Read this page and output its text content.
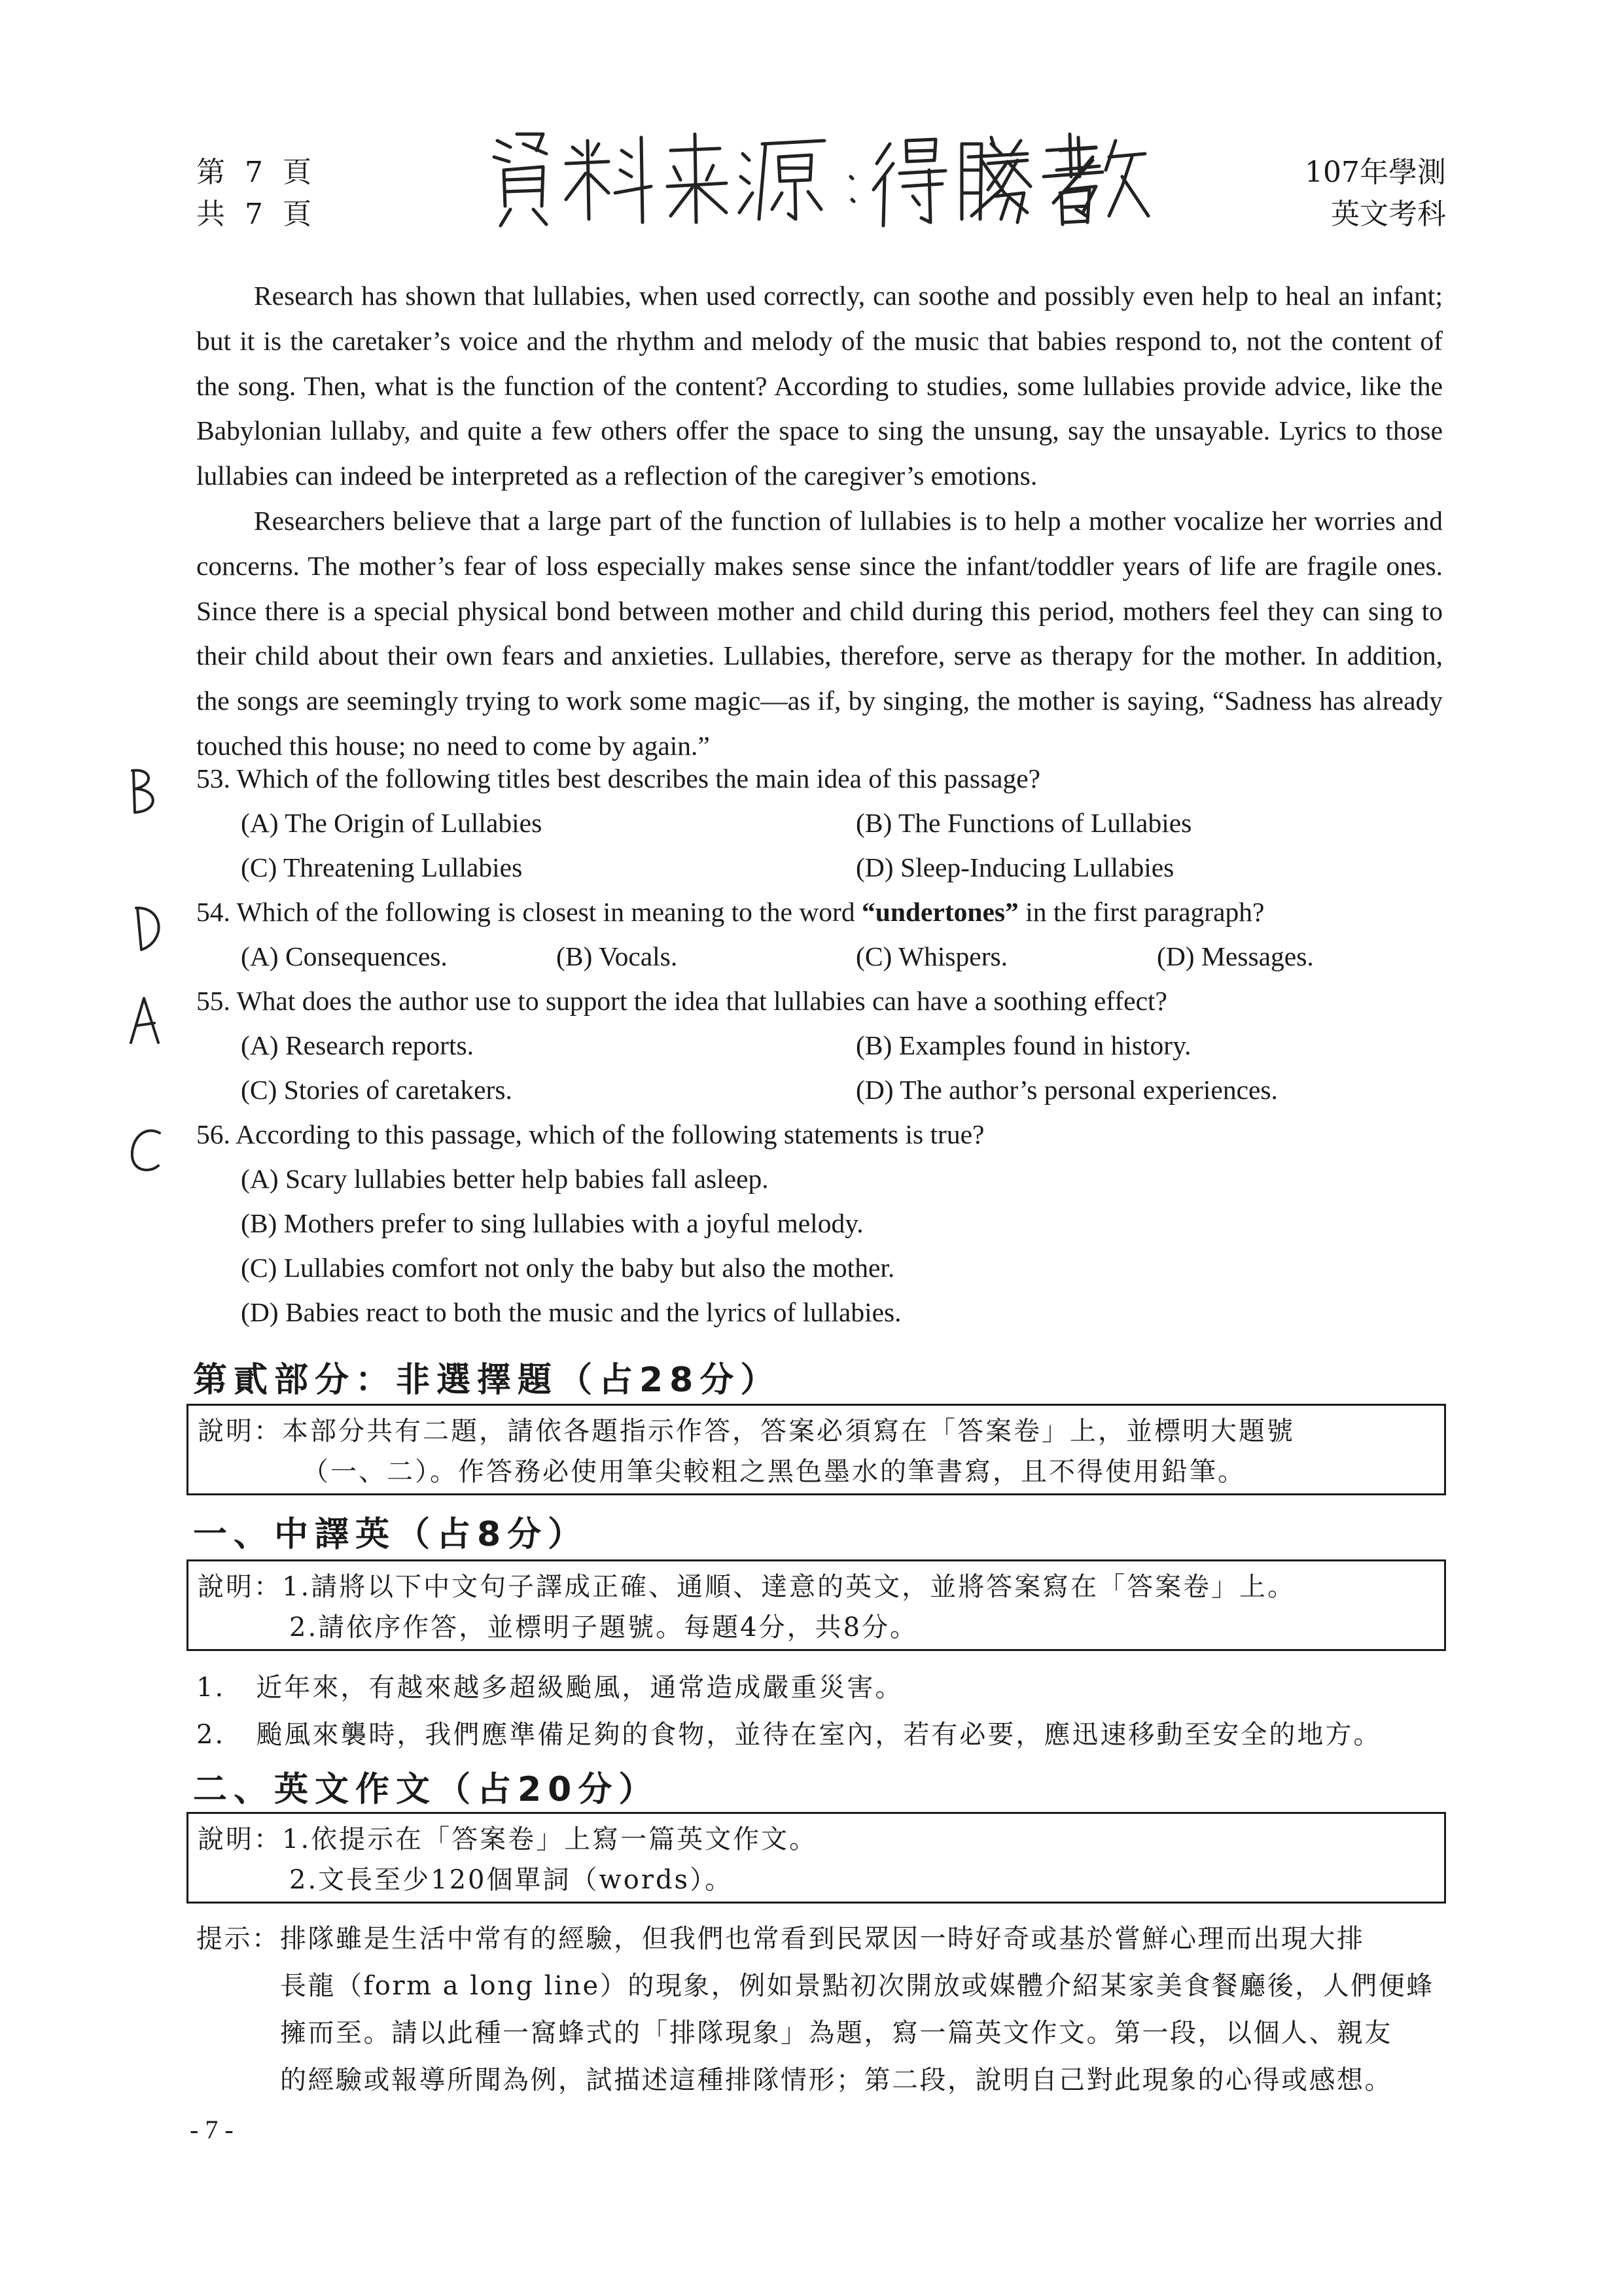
第 7 頁
共 7 頁
107年學測
英文考科
Research has shown that lullabies, when used correctly, can soothe and possibly even help to heal an infant; but it is the caretaker’s voice and the rhythm and melody of the music that babies respond to, not the content of the song. Then, what is the function of the content? According to studies, some lullabies provide advice, like the Babylonian lullaby, and quite a few others offer the space to sing the unsung, say the unsayable. Lyrics to those lullabies can indeed be interpreted as a reflection of the caregiver’s emotions.
Researchers believe that a large part of the function of lullabies is to help a mother vocalize her worries and concerns. The mother’s fear of loss especially makes sense since the infant/toddler years of life are fragile ones. Since there is a special physical bond between mother and child during this period, mothers feel they can sing to their child about their own fears and anxieties. Lullabies, therefore, serve as therapy for the mother. In addition, the songs are seemingly trying to work some magic—as if, by singing, the mother is saying, “Sadness has already touched this house; no need to come by again.”
53. Which of the following titles best describes the main idea of this passage?
(A) The Origin of Lullabies	(B) The Functions of Lullabies
(C) Threatening Lullabies	(D) Sleep-Inducing Lullabies
54. Which of the following is closest in meaning to the word “undertones” in the first paragraph?
(A) Consequences.	(B) Vocals.	(C) Whispers.	(D) Messages.
55. What does the author use to support the idea that lullabies can have a soothing effect?
(A) Research reports.	(B) Examples found in history.
(C) Stories of caretakers.	(D) The author’s personal experiences.
56. According to this passage, which of the following statements is true?
(A) Scary lullabies better help babies fall asleep.
(B) Mothers prefer to sing lullabies with a joyful melody.
(C) Lullabies comfort not only the baby but also the mother.
(D) Babies react to both the music and the lyrics of lullabies.
第貳部分：非選擇題（占28分）
說明：本部分共有二題，請依各題指示作答，答案必須寫在「答案卷」上，並標明大題號
（一、二）。作答務必使用筆尖較粗之黑色墨水的筆書寫，且不得使用鉛筆。
一、中譯英（占8分）
說明：1.請將以下中文句子譯成正確、通順、達意的英文，並將答案寫在「答案卷」上。
2.請依序作答，並標明子題號。每題4分，共8分。
1. 近年來，有越來越多超級颱風，通常造成嚴重災害。
2. 颱風來襲時，我們應準備足夠的食物，並待在室內，若有必要，應迅速移動至安全的地方。
二、英文作文（占20分）
說明：1.依提示在「答案卷」上寫一篇英文作文。
2.文長至少120個單詞（words）。
提示： 排隊雖是生活中常有的經驗，但我們也常看到民眾因一時好奇或基於嘗鮮心理而出現大排
長龍（form a long line）的現象，例如景點初次開放或媒體介紹某家美食餐廳後，人們便蜂
擁而至。請以此種一窩蜂式的「排隊現象」為題，寫一篇英文作文。第一段，以個人、親友
的經驗或報導所聞為例，試描述這種排隊情形；第二段，說明自己對此現象的心得或感想。
- 7 -
